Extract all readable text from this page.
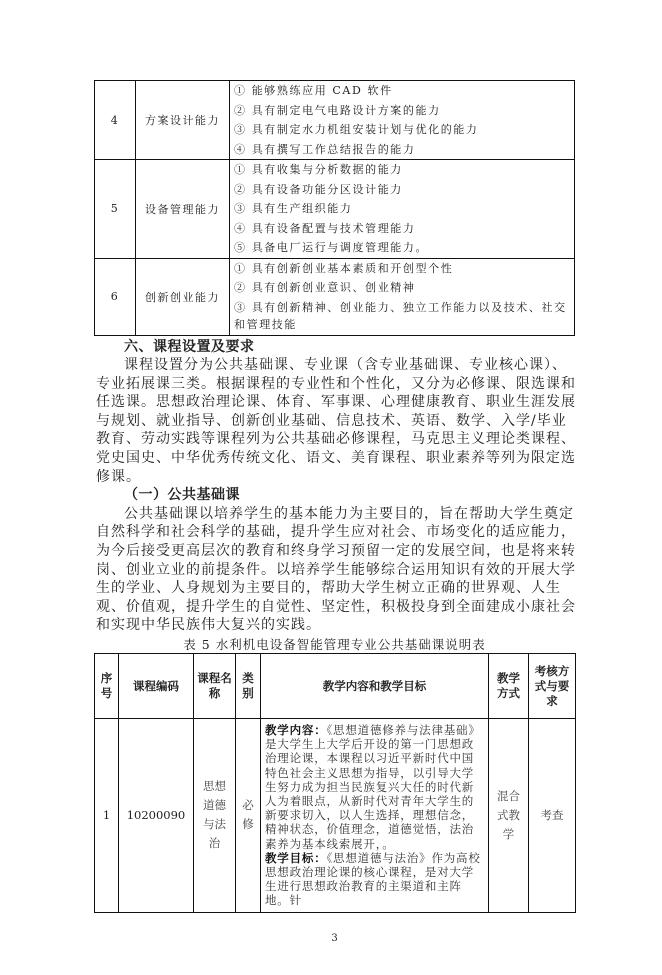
4	方案设计能力	① 能够熟练应用 CAD 软件
② 具有制定电气电路设计方案的能力
③ 具有制定水力机组安装计划与优化的能力
④ 具有撰写工作总结报告的能力

5	设备管理能力	① 具有收集与分析数据的能力
② 具有设备功能分区设计能力
③ 具有生产组织能力
④ 具有设备配置与技术管理能力
⑤ 具备电厂运行与调度管理能力。

6	创新创业能力	① 具有创新创业基本素质和开创型个性
② 具有创新创业意识、创业精神
③ 具有创新精神、创业能力、独立工作能力以及技术、社交和管理技能

六、课程设置及要求

课程设置分为公共基础课、专业课（含专业基础课、专业核心课）、专业拓展课三类。根据课程的专业性和个性化，又分为必修课、限选课和任选课。思想政治理论课、体育、军事课、心理健康教育、职业生涯发展与规划、就业指导、创新创业基础、信息技术、英语、数学、入学/毕业教育、劳动实践等课程列为公共基础必修课程，马克思主义理论类课程、党史国史、中华优秀传统文化、语文、美育课程、职业素养等列为限定选修课。

（一）公共基础课

公共基础课以培养学生的基本能力为主要目的，旨在帮助大学生奠定自然科学和社会科学的基础，提升学生应对社会、市场变化的适应能力，为今后接受更高层次的教育和终身学习预留一定的发展空间，也是将来转岗、创业立业的前提条件。以培养学生能够综合运用知识有效的开展大学生的学业、人身规划为主要目的，帮助大学生树立正确的世界观、人生观、价值观，提升学生的自觉性、坚定性，积极投身到全面建成小康社会和实现中华民族伟大复兴的实践。

表 5 水利机电设备智能管理专业公共基础课说明表
序号	课程编码	课程名称	类别	教学内容和教学目标	教学方式	考核方式与要求
1	10200090	思想道德与法治	必修	教学内容：《思想道德修养与法律基础》是大学生上大学后开设的第一门思想政治理论课，本课程以习近平新时代中国特色社会主义思想为指导，以引导大学生努力成为担当民族复兴大任的时代新人为着眼点，从新时代对青年大学生的新要求切入，以人生选择，理想信念，精神状态，价值理念，道德觉悟，法治素养为基本线索展开，。
教学目标：《思想道德与法治》作为高校思想政治理论课的核心课程，是对大学生进行思想政治教育的主渠道和主阵地。针	混合式教学	考查
3
